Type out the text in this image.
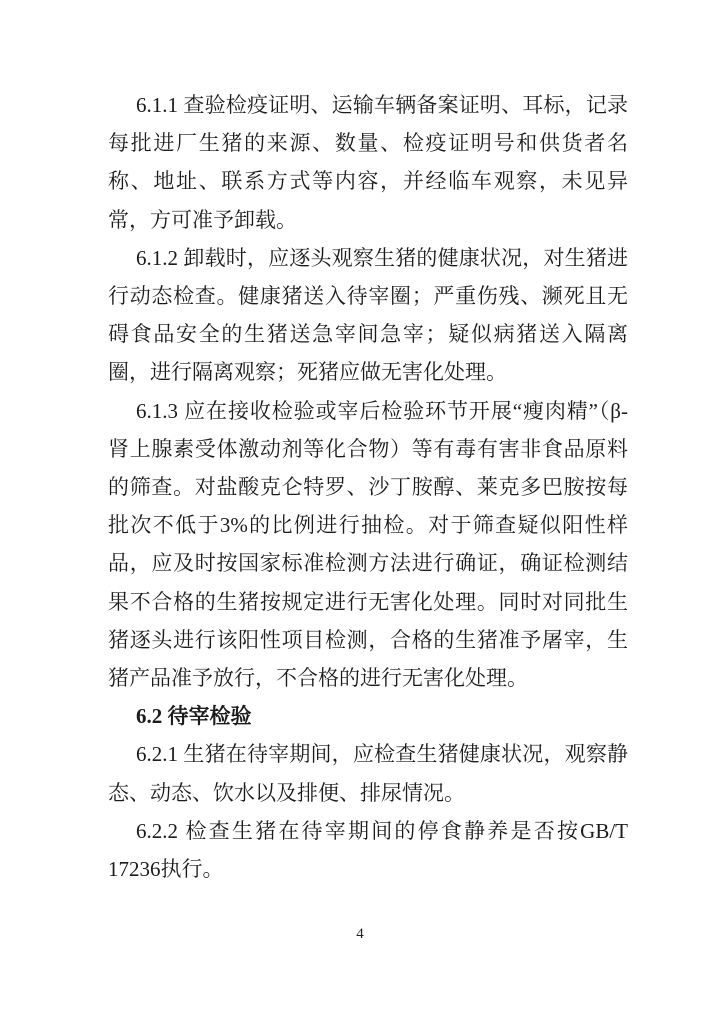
6.1.1 查验检疫证明、运输车辆备案证明、耳标，记录每批进厂生猪的来源、数量、检疫证明号和供货者名称、地址、联系方式等内容，并经临车观察，未见异常，方可准予卸载。

6.1.2 卸载时，应逐头观察生猪的健康状况，对生猪进行动态检查。健康猪送入待宰圈；严重伤残、濒死且无碍食品安全的生猪送急宰间急宰；疑似病猪送入隔离圈，进行隔离观察；死猪应做无害化处理。

6.1.3 应在接收检验或宰后检验环节开展“瘦肉精”（β-肾上腺素受体激动剂等化合物）等有毒有害非食品原料的筛查。对盐酸克仑特罗、沙丁胺醇、莱克多巴胺按每批次不低于3%的比例进行抽检。对于筛查疑似阳性样品，应及时按国家标准检测方法进行确证，确证检测结果不合格的生猪按规定进行无害化处理。同时对同批生猪逐头进行该阳性项目检测，合格的生猪准予屠宰，生猪产品准予放行，不合格的进行无害化处理。

6.2 待宰检验

6.2.1 生猪在待宰期间，应检查生猪健康状况，观察静态、动态、饮水以及排便、排尿情况。

6.2.2 检查生猪在待宰期间的停食静养是否按GB/T 17236执行。

4
